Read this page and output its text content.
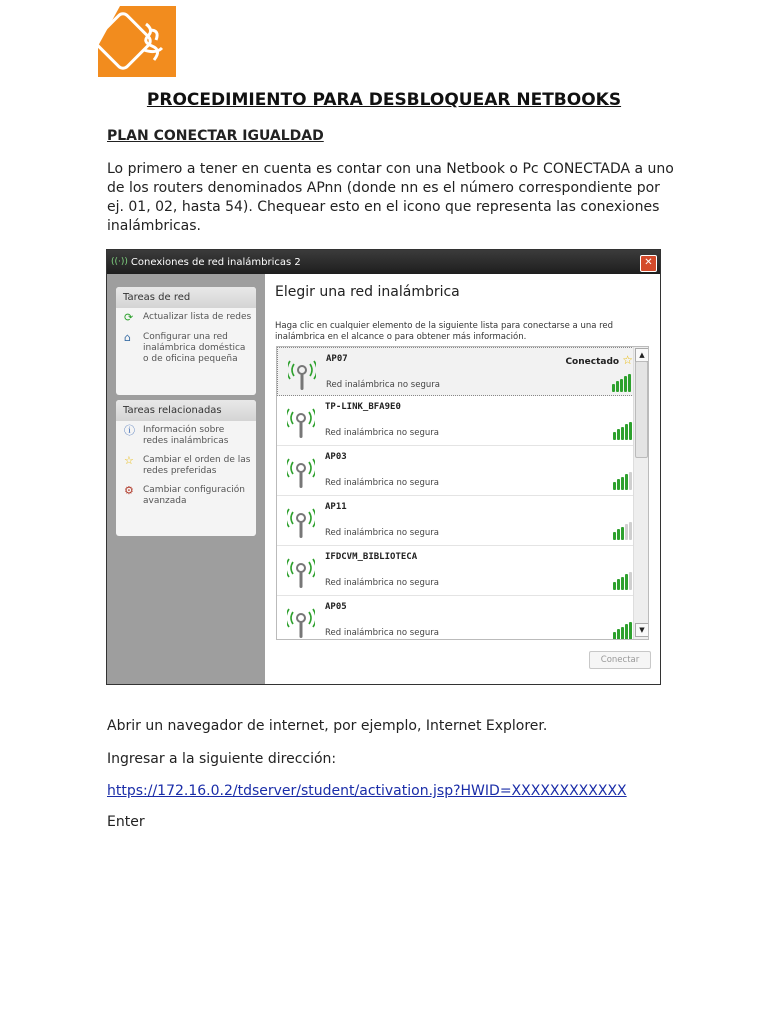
PROCEDIMIENTO PARA DESBLOQUEAR NETBOOKS
PLAN CONECTAR IGUALDAD
Lo primero a tener en cuenta es contar con una Netbook o Pc CONECTADA a uno de los routers denominados APnn (donde nn es el número correspondiente por ej. 01, 02, hasta 54). Chequear esto en el icono que representa las conexiones inalámbricas.
((·)) Conexiones de red inalámbricas 2	✕
Tareas de red
⟳	Actualizar lista de redes
⌂	Configurar una red inalámbrica doméstica o de oficina pequeña
Tareas relacionadas
ⓘ Información sobre redes inalámbricas
☆	Cambiar el orden de las redes preferidas
⚙	Cambiar configuración avanzada
Elegir una red inalámbrica
Haga clic en cualquier elemento de la siguiente lista para conectarse a una red inalámbrica en el alcance o para obtener más información.
AP07
Red inalámbrica no segura
Conectado ☆
TP-LINK_BFA9E0
Red inalámbrica no segura
AP03
Red inalámbrica no segura
AP11
Red inalámbrica no segura
IFDCVM_BIBLIOTECA
Red inalámbrica no segura
AP05
Red inalámbrica no segura
▲
▼
Conectar
Abrir un navegador de internet, por ejemplo, Internet Explorer.
Ingresar a la siguiente dirección:
https://172.16.0.2/tdserver/student/activation.jsp?HWID=XXXXXXXXXXXX
Enter
